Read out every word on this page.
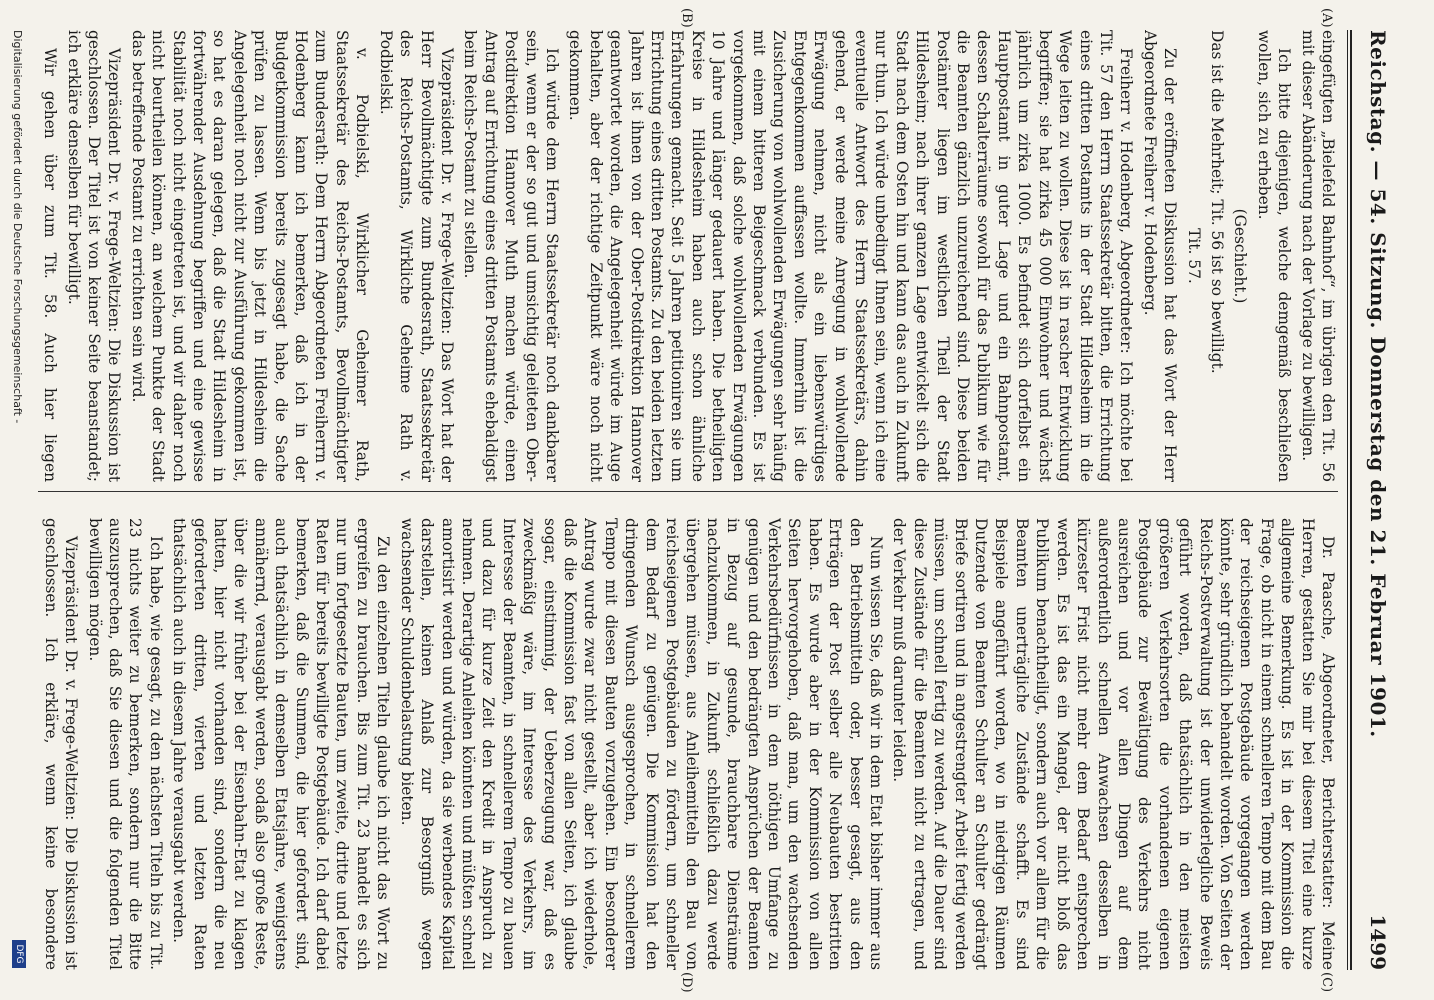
Reichstag. — 54. Sitzung. Donnerstag den 21. Februar 1901.
1499
(A)
(B)
(C)
(D)

eingefügten „Bielefeld Bahnhof“, im übrigen den Tit. 56 mit dieser Abänderung nach der Vorlage zu bewilligen.

Ich bitte diejenigen, welche demgemäß beschließen wollen, sich zu erheben.

(Geschieht.)

Das ist die Mehrheit; Tit. 56 ist so bewilligt.

Tit. 57.

Zu der eröffneten Diskussion hat das Wort der Herr Abgeordnete Freiherr v. Hodenberg.

Freiherr v. Hodenberg, Abgeordneter: Ich möchte bei Tit. 57 den Herrn Staatssekretär bitten, die Errichtung eines dritten Postamts in der Stadt Hildesheim in die Wege leiten zu wollen. Diese ist in rascher Entwicklung begriffen; sie hat zirka 45 000 Einwohner und wächst jährlich um zirka 1000. Es befindet sich dorfelbst ein Hauptpostamt in guter Lage und ein Bahnpostamt, dessen Schalterräume sowohl für das Publikum wie für die Beamten gänzlich unzureichend sind. Diese beiden Postämter liegen im westlichen Theil der Stadt Hildesheim; nach ihrer ganzen Lage entwickelt sich die Stadt nach dem Osten hin und kann das auch in Zukunft nur thun. Ich würde unbedingt Ihnen sein, wenn ich eine eventuelle Antwort des Herrn Staatssekretärs, dahin gehend, er werde meine Anregung in wohlwollende Erwägung nehmen, nicht als ein liebenswürdiges Entgegenkommen auffassen wollte. Immerhin ist die Zusicherung von wohlwollenden Erwägungen sehr häufig mit einem bitteren Beigeschmack verbunden. Es ist vorgekommen, daß solche wohlwollenden Erwägungen 10 Jahre und länger gedauert haben. Die betheiligten Kreise in Hildesheim haben auch schon ähnliche Erfahrungen gemacht. Seit 5 Jahren petitioniren sie um Errichtung eines dritten Postamts. Zu den beiden letzten Jahren ist ihnen von der Ober-Postdirektion Hannover geantwortet worden, die Angelegenheit würde im Auge behalten, aber der richtige Zeitpunkt wäre noch nicht gekommen.

Ich würde dem Herrn Staatssekretär noch dankbarer sein, wenn er der so gut und umsichtig geleiteten Ober-Postdirektion Hannover Muth machen würde, einen Antrag auf Errichtung eines dritten Postamts ehebaldigst beim Reichs-Postamt zu stellen.

Vizepräsident Dr. v. Frege-Weltzien: Das Wort hat der Herr Bevollmächtigte zum Bundesrath, Staatssekretär des Reichs-Postamts, Wirkliche Geheime Rath v. Podbielski.

v. Podbielski, Wirklicher Geheimer Rath, Staatssekretär des Reichs-Postamts, Bevollmächtigter zum Bundesrath: Dem Herrn Abgeordneten Freiherrn v. Hodenberg kann ich bemerken, daß ich in der Budgetkommission bereits zugesagt habe, die Sache prüfen zu lassen. Wenn bis jetzt in Hildesheim die Angelegenheit noch nicht zur Ausführung gekommen ist, so hat es daran gelegen, daß die Stadt Hildesheim in fortwährender Ausdehnung begriffen und eine gewisse Stabilität noch nicht eingetreten ist, und wir daher noch nicht beurtheilen können, an welchem Punkte der Stadt das betreffende Postamt zu errichten sein wird.

Vizepräsident Dr. v. Frege-Weltzien: Die Diskussion ist geschlossen. Der Titel ist von keiner Seite beanstandet; ich erkläre denselben für bewilligt.

Wir gehen über zum Tit. 58. Auch hier liegen

Dr. Paasche, Abgeordneter, Berichterstatter: Meine Herren, gestatten Sie mir bei diesem Titel eine kurze allgemeine Bemerkung. Es ist in der Kommission die Frage, ob nicht in einem schnelleren Tempo mit dem Bau der reichseigenen Postgebäude vorgegangen werden könnte, sehr gründlich behandelt worden. Von Seiten der Reichs-Postverwaltung ist der unwiderlegliche Beweis geführt worden, daß thatsächlich in den meisten größeren Verkehrsorten die vorhandenen eigenen Postgebäude zur Bewältigung des Verkehrs nicht ausreichen und vor allen Dingen auf dem außerordentlich schnellen Anwachsen desselben in kürzester Frist nicht mehr dem Bedarf entsprechen werden. Es ist das ein Mangel, der nicht bloß das Publikum benachtheiligt, sondern auch vor allem für die Beamten unerträgliche Zustände schafft. Es sind Beispiele angeführt worden, wo in niedrigen Räumen Dutzende von Beamten Schulter an Schulter gedrängt Briefe sortiren und in angestrengter Arbeit fertig werden müssen, um schnell fertig zu werden. Auf die Dauer sind diese Zustände für die Beamten nicht zu ertragen, und der Verkehr muß darunter leiden.

Nun wissen Sie, daß wir in dem Etat bisher immer aus den Betriebsmitteln oder, besser gesagt, aus den Erträgen der Post selber alle Neubauten bestritten haben. Es wurde aber in der Kommission von allen Seiten hervorgehoben, daß man, um den wachsenden Verkehrsbedürfnissen in dem nöthigen Umfange zu genügen und den bedrängten Ansprüchen der Beamten in Bezug auf gesunde, brauchbare Diensträume nachzukommen, in Zukunft schließlich dazu werde übergehen müssen, aus Anleihemitteln den Bau von reichseigenen Postgebäuden zu fördern, um schneller dem Bedarf zu genügen. Die Kommission hat den dringenden Wunsch ausgesprochen, in schnellerem Tempo mit diesen Bauten vorzugehen. Ein besonderer Antrag wurde zwar nicht gestellt, aber ich wiederhole, daß die Kommission fast von allen Seiten, ich glaube sogar, einstimmig, der Ueberzeugung war, daß es zweckmäßig wäre, im Interesse des Verkehrs, im Interesse der Beamten, in schnellerem Tempo zu bauen und dazu für kurze Zeit den Kredit in Anspruch zu nehmen. Derartige Anleihen könnten und müßten schnell amortisirt werden und würden, da sie werbendes Kapital darstellen, keinen Anlaß zur Besorgniß wegen wachsender Schuldenbelastung bieten.

Zu den einzelnen Titeln glaube ich nicht das Wort zu ergreifen zu brauchen. Bis zum Tit. 23 handelt es sich nur um fortgesetzte Bauten, um zweite, dritte und letzte Raten für bereits bewilligte Postgebäude. Ich darf dabei bemerken, daß die Summen, die hier gefordert sind, auch thatsächlich in demselben Etatsjahre, wenigstens annähernd, verausgabt werden, sodaß also große Reste, über die wir früher bei der Eisenbahn-Etat zu klagen hatten, hier nicht vorhanden sind, sondern die neu geforderten dritten, vierten und letzten Raten thatsächlich auch in diesem Jahre verausgabt werden.

Ich habe, wie gesagt, zu den nächsten Titeln bis zu Tit. 23 nichts weiter zu bemerken, sondern nur die Bitte auszusprechen, daß Sie diesen und die folgenden Titel bewilligen mögen.

Vizepräsident Dr. v. Frege-Weltzien: Die Diskussion ist geschlossen. Ich erkläre, wenn keine besondere

Digitalisierung gefördert durch die Deutsche Forschungsgemeinschaft -
DFG
